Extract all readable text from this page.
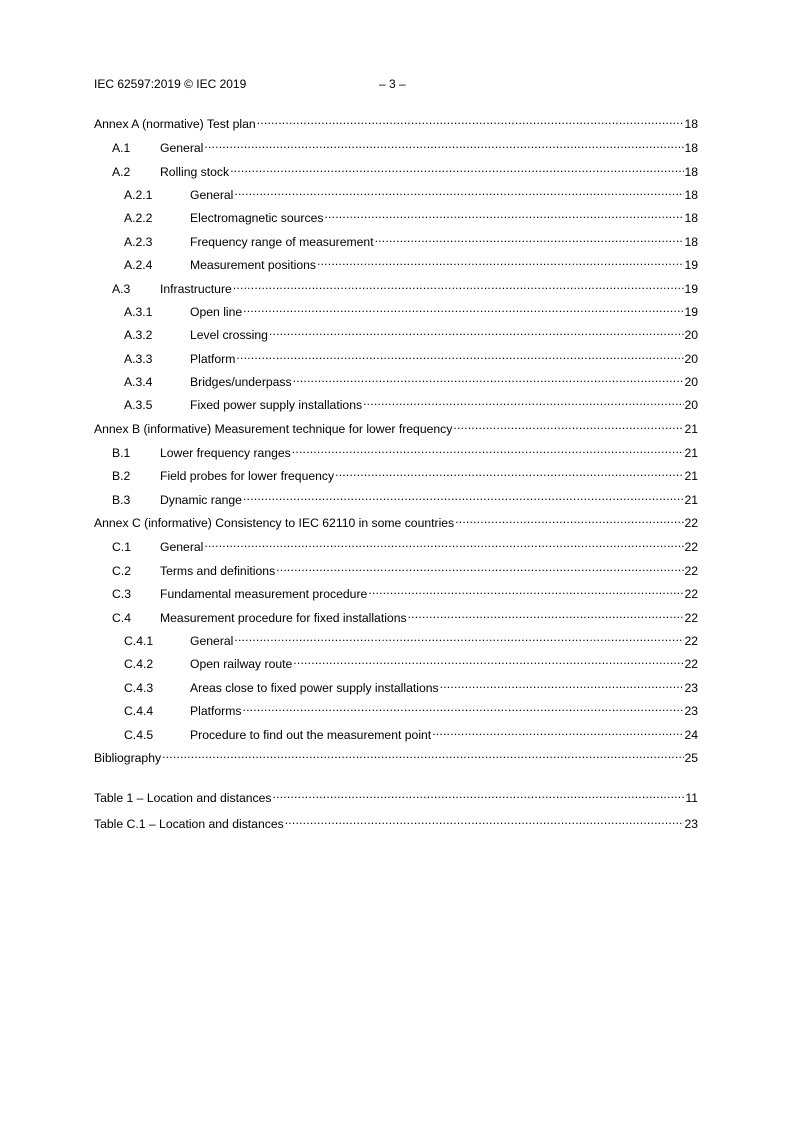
IEC 62597:2019 © IEC 2019	– 3 –
Annex A (normative) Test plan .....	18
A.1	General .....	18
A.2	Rolling stock .....	18
A.2.1	General .....	18
A.2.2	Electromagnetic sources .....	18
A.2.3	Frequency range of measurement .....	18
A.2.4	Measurement positions .....	19
A.3	Infrastructure .....	19
A.3.1	Open line .....	19
A.3.2	Level crossing .....	20
A.3.3	Platform .....	20
A.3.4	Bridges/underpass .....	20
A.3.5	Fixed power supply installations .....	20
Annex B (informative) Measurement technique for lower frequency .....	21
B.1	Lower frequency ranges .....	21
B.2	Field probes for lower frequency .....	21
B.3	Dynamic range .....	21
Annex C (informative) Consistency to IEC 62110 in some countries .....	22
C.1	General .....	22
C.2	Terms and definitions .....	22
C.3	Fundamental measurement procedure .....	22
C.4	Measurement procedure for fixed installations .....	22
C.4.1	General .....	22
C.4.2	Open railway route .....	22
C.4.3	Areas close to fixed power supply installations .....	23
C.4.4	Platforms .....	23
C.4.5	Procedure to find out the measurement point .....	24
Bibliography .....	25
Table 1 – Location and distances .....	11
Table C.1 – Location and distances .....	23
